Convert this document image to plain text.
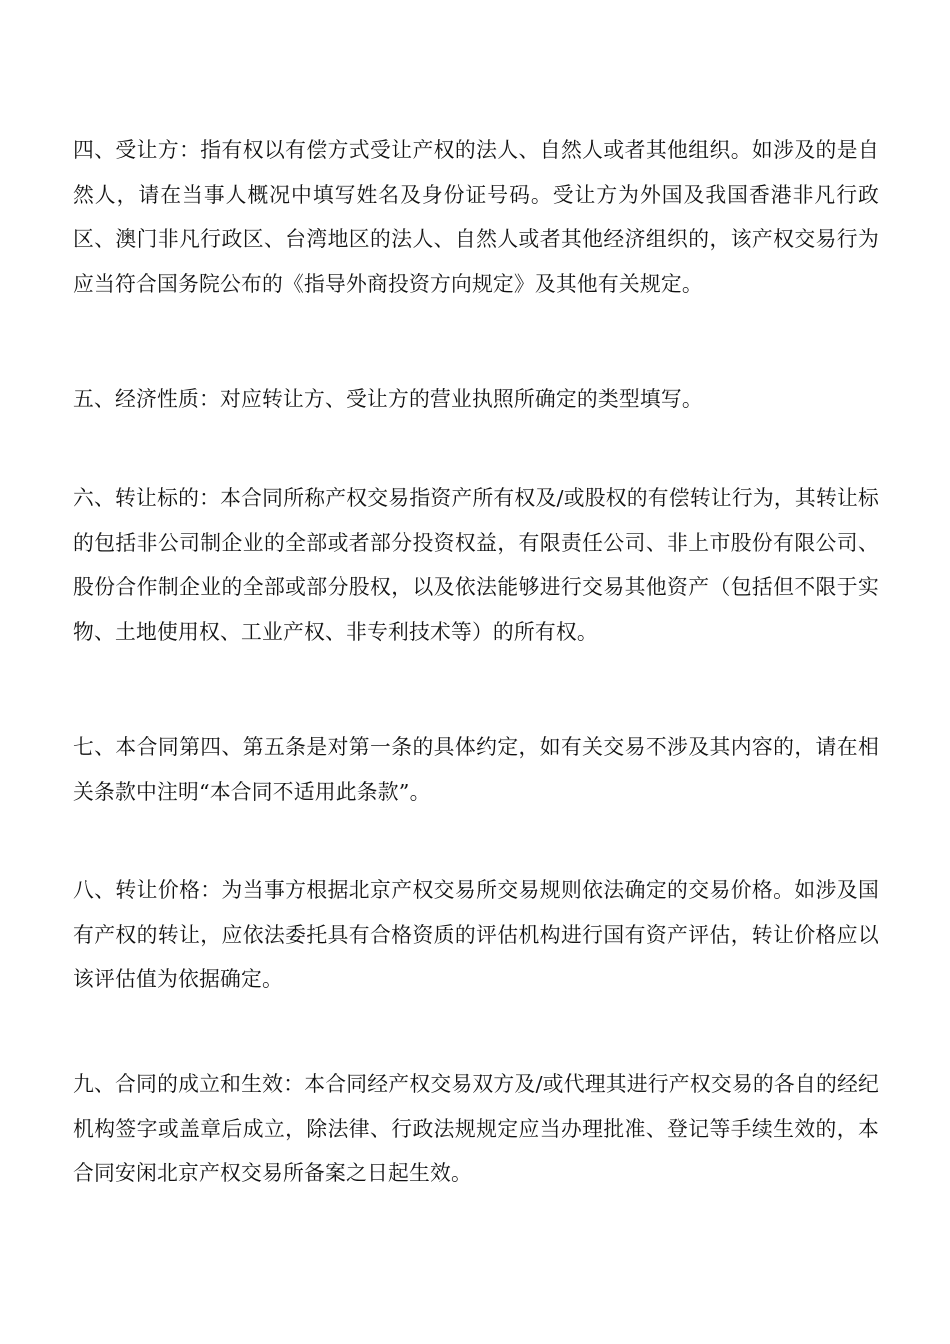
四、受让方：指有权以有偿方式受让产权的法人、自然人或者其他组织。如涉及的是自然人，请在当事人概况中填写姓名及身份证号码。受让方为外国及我国香港非凡行政区、澳门非凡行政区、台湾地区的法人、自然人或者其他经济组织的，该产权交易行为应当符合国务院公布的《指导外商投资方向规定》及其他有关规定。

五、经济性质：对应转让方、受让方的营业执照所确定的类型填写。

六、转让标的：本合同所称产权交易指资产所有权及/或股权的有偿转让行为，其转让标的包括非公司制企业的全部或者部分投资权益，有限责任公司、非上市股份有限公司、股份合作制企业的全部或部分股权，以及依法能够进行交易其他资产（包括但不限于实物、土地使用权、工业产权、非专利技术等）的所有权。

七、本合同第四、第五条是对第一条的具体约定，如有关交易不涉及其内容的，请在相关条款中注明“本合同不适用此条款”。

八、转让价格：为当事方根据北京产权交易所交易规则依法确定的交易价格。如涉及国有产权的转让，应依法委托具有合格资质的评估机构进行国有资产评估，转让价格应以该评估值为依据确定。

九、合同的成立和生效：本合同经产权交易双方及/或代理其进行产权交易的各自的经纪机构签字或盖章后成立，除法律、行政法规规定应当办理批准、登记等手续生效的，本合同安闲北京产权交易所备案之日起生效。
